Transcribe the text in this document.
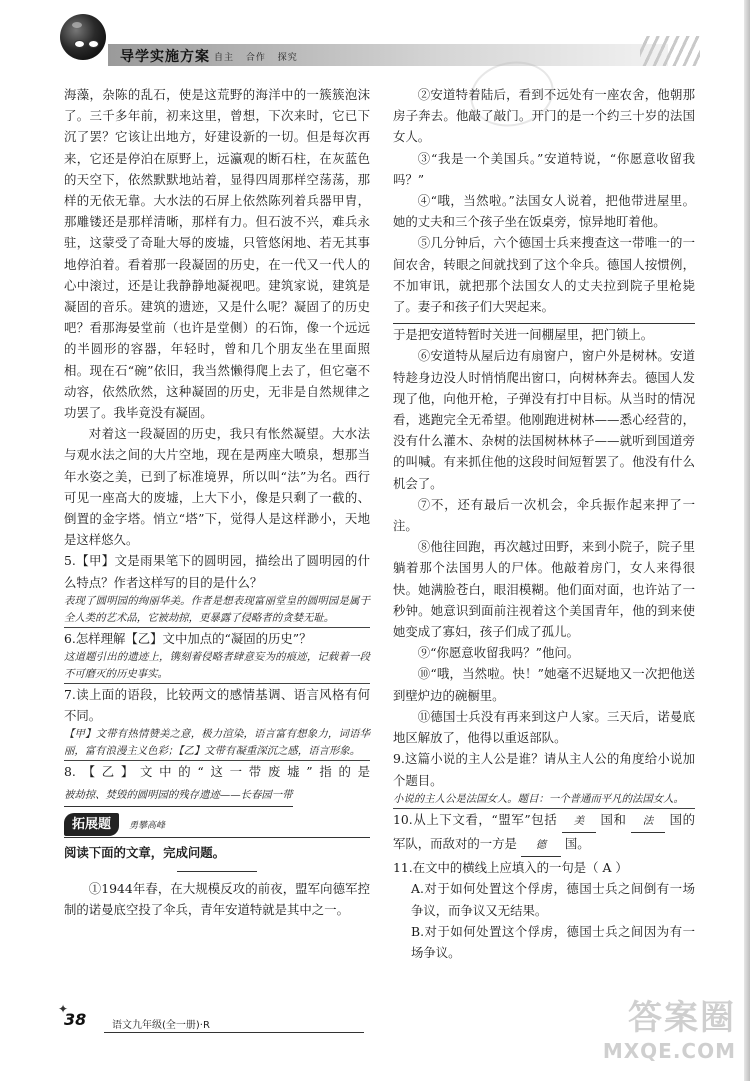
导学实施方案 自主 合作 探究

海藻，杂陈的乱石，使是这荒野的海洋中的一簇簇泡沫了。三千多年前，初来这里，曾想，下次来时，它已下沉了罢？它该让出地方，好建设新的一切。但是每次再来，它还是停泊在原野上，远瀛观的断石柱，在灰蓝色的天空下，依然默默地站着，显得四周那样空荡荡，那样的无依无靠。大水法的石屏上依然陈列着兵器甲胄，那雕镂还是那样清晰，那样有力。但石波不兴，难兵永驻，这蒙受了奇耻大辱的废墟，只管悠闲地、若无其事地停泊着。看着那一段凝固的历史，在一代又一代人的心中滚过，还是让我静静地凝视吧。建筑家说，建筑是凝固的音乐。建筑的遗迹，又是什么呢？凝固了的历史吧？看那海晏堂前（也许是堂侧）的石饰，像一个远远的半圆形的容器，年轻时，曾和几个朋友坐在里面照相。现在石“碗”依旧，我当然懒得爬上去了，但它毫不动容，依然欣然，这种凝固的历史，无非是自然规律之功罢了。我毕竟没有凝固。

对着这一段凝固的历史，我只有怅然凝望。大水法与观水法之间的大片空地，现在是两座大喷泉，想那当年水姿之美，已到了标准境界，所以叫“法”为名。西行可见一座高大的废墟，上大下小，像是只剩了一截的、倒置的金字塔。悄立“塔”下，觉得人是这样渺小，天地是这样悠久。

5.【甲】文是雨果笔下的圆明园，描绘出了圆明园的什么特点？作者这样写的目的是什么？

表现了圆明园的绚丽华美。作者是想表现富丽堂皇的圆明园是属于全人类的艺术品，它被劫掠，更暴露了侵略者的贪婪无耻。

6.怎样理解【乙】文中加点的“凝固的历史”？

这道题引出的遗迹上，镌刻着侵略者肆意妄为的痕迹，记载着一段不可磨灭的历史事实。

7.读上面的语段，比较两文的感情基调、语言风格有何不同。

【甲】文带有热情赞美之意，极力渲染，语言富有想象力，词语华丽，富有浪漫主义色彩；【乙】文带有凝重深沉之感，语言形象。

8.【乙】文中的“这一带废墟”指的是 被劫掠、焚毁的圆明园的残存遗迹——长春园一带

拓展题 勇攀高峰

阅读下面的文章，完成问题。

①1944年春，在大规模反攻的前夜，盟军向德军控制的诺曼底空投了伞兵，青年安道特就是其中之一。

②安道特着陆后，看到不远处有一座农舍，他朝那房子奔去。他敲了敲门。开门的是一个约三十岁的法国女人。

③“我是一个美国兵。”安道特说，“你愿意收留我吗？”

④“哦，当然啦。”法国女人说着，把他带进屋里。她的丈夫和三个孩子坐在饭桌旁，惊异地盯着他。

⑤几分钟后，六个德国士兵来搜查这一带唯一的一间农舍，转眼之间就找到了这个伞兵。德国人按惯例，不加审讯，就把那个法国女人的丈夫拉到院子里枪毙了。妻子和孩子们大哭起来。

于是把安道特暂时关进一间棚屋里，把门锁上。

⑥安道特从屋后边有扇窗户，窗户外是树林。安道特趁身边没人时悄悄爬出窗口，向树林奔去。德国人发现了他，向他开枪，子弹没有打中目标。从当时的情况看，逃跑完全无希望。他刚跑进树林——悉心经营的，没有什么灌木、杂树的法国树林林子——就听到国道旁的叫喊。有来抓住他的这段时间短暂罢了。他没有什么机会了。

⑦不，还有最后一次机会，伞兵振作起来押了一注。

⑧他往回跑，再次越过田野，来到小院子，院子里躺着那个法国男人的尸体。他敲着房门，女人来得很快。她满脸苍白，眼泪模糊。他们面对面，也许站了一秒钟。她意识到面前注视着这个美国青年，他的到来使她变成了寡妇，孩子们成了孤儿。

⑨“你愿意收留我吗？”他问。

⑩“哦，当然啦。快！”她毫不迟疑地又一次把他送到壁炉边的碗橱里。

⑪德国士兵没有再来到这户人家。三天后，诺曼底地区解放了，他得以重返部队。

9.这篇小说的主人公是谁？请从主人公的角度给小说加个题目。

小说的主人公是法国女人。题目：一个普通而平凡的法国女人。

10.从上下文看，“盟军”包括 美 国和 法 国的军队，而敌对的一方是 德 国。

11.在文中的横线上应填入的一句是（ A ）

A.对于如何处置这个俘虏，德国士兵之间倒有一场争议，而争议又无结果。

B.对于如何处置这个俘虏，德国士兵之间因为有一场争议。

✦
38	语文九年级(全一册)·R	答案圈
MXQE.COM
